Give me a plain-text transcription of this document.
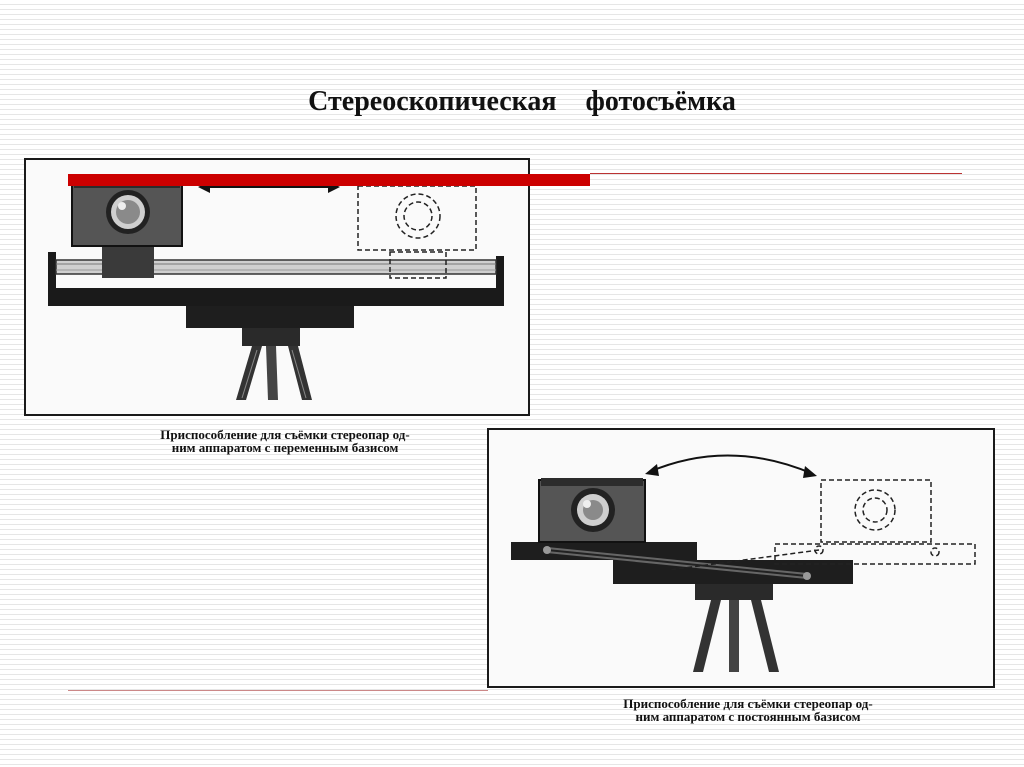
Стереоскопическая фотосъёмка
Приспособление для съёмки стереопар од-
ним аппаратом с переменным базисом
Приспособление для съёмки стереопар од-
ним аппаратом с постоянным базисом
